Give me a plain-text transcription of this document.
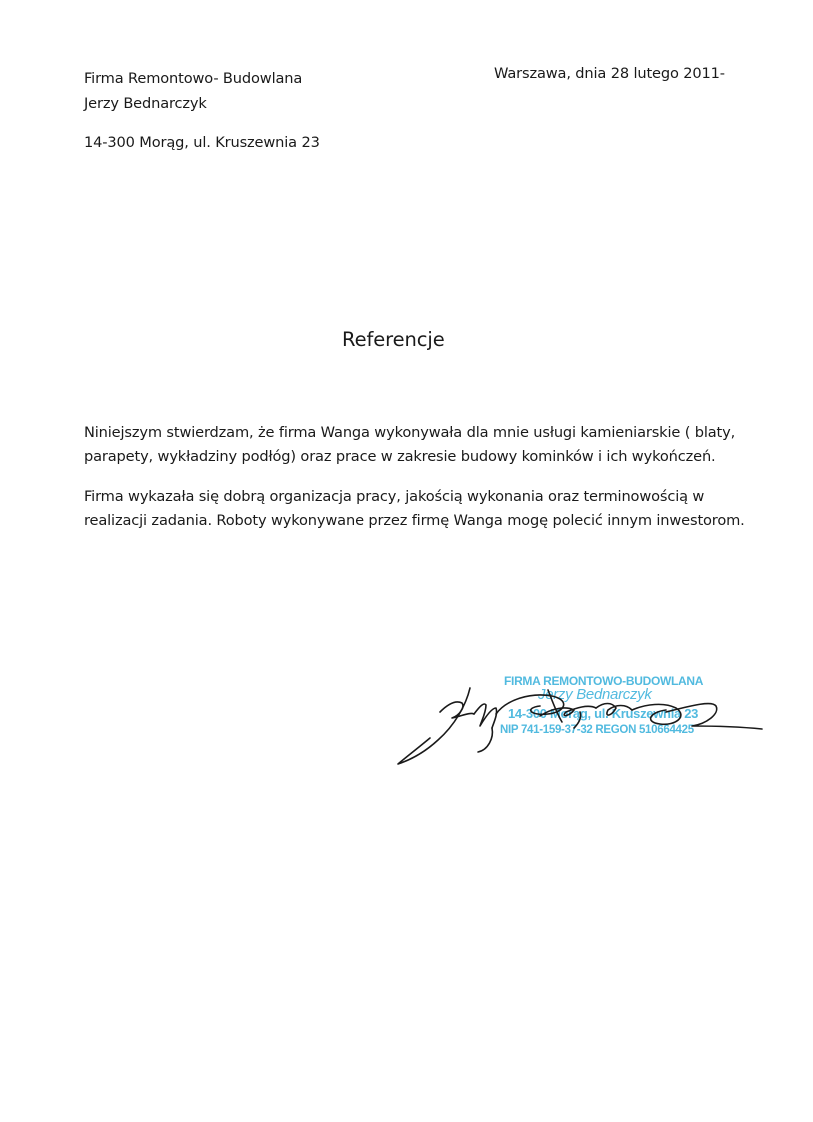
Firma Remontowo- Budowlana
Jerzy Bednarczyk
14-300 Morąg, ul. Kruszewnia 23
Warszawa, dnia 28 lutego 2011-
Referencje
Niniejszym stwierdzam, że firma Wanga wykonywała dla mnie usługi kamieniarskie ( blaty,
parapety, wykładziny podłóg) oraz prace w zakresie budowy kominków i ich wykończeń.
Firma wykazała się dobrą organizacja pracy, jakością wykonania oraz terminowością w
realizacji zadania. Roboty wykonywane przez firmę Wanga mogę polecić innym inwestorom.
FIRMA REMONTOWO-BUDOWLANA
Jerzy Bednarczyk
14-300 Morąg, ul. Kruszewnia 23
NIP 741-159-37-32 REGON 510664425
